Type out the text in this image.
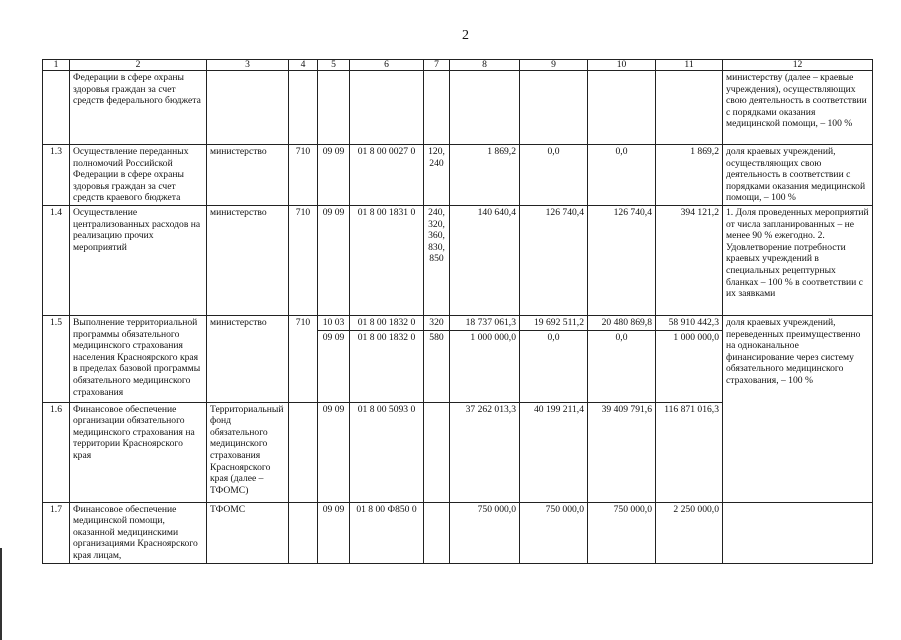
2
1	2	3	4	5	6	7	8	9	10	11	12
	Федерации в сфере охраны здоровья граждан за счет средств федерального бюджета										министерству (далее – краевые учреждения), осуществляющих свою деятельность в соответствии с порядками оказания медицинской помощи, – 100 %
1.3	Осуществление переданных полномочий Российской Федерации в сфере охраны здоровья граждан за счет средств краевого бюджета	министерство	710	09 09	01 8 00 0027 0	120, 240	1 869,2	0,0	0,0	1 869,2	доля краевых учреждений, осуществляющих свою деятельность в соответствии с порядками оказания медицинской помощи, – 100 %
1.4	Осуществление централизованных расходов на реализацию прочих мероприятий	министерство	710	09 09	01 8 00 1831 0	240, 320, 360, 830, 850	140 640,4	126 740,4	126 740,4	394 121,2	1. Доля проведенных мероприятий от числа запланированных – не менее 90 % ежегодно. 2. Удовлетворение потребности краевых учреждений в специальных рецептурных бланках – 100 % в соответствии с их заявками
1.5	Выполнение территориальной программы обязательного медицинского страхования населения Красноярского края в пределах базовой программы обязательного медицинского страхования	министерство	710	10 03	01 8 00 1832 0	320	18 737 061,3	19 692 511,2	20 480 869,8	58 910 442,3	доля краевых учреждений, переведенных преимущественно на одноканальное финансирование через систему обязательного медицинского страхования, – 100 %
				09 09	01 8 00 1832 0	580	1 000 000,0	0,0	0,0	1 000 000,0	
1.6	Финансовое обеспечение организации обязательного медицинского страхования на территории Красноярского края	Территориальный фонд обязательного медицинского страхования Красноярского края (далее – ТФОМС)		09 09	01 8 00 5093 0		37 262 013,3	40 199 211,4	39 409 791,6	116 871 016,3	
1.7	Финансовое обеспечение медицинской помощи, оказанной медицинскими организациями Красноярского края лицам,	ТФОМС		09 09	01 8 00 Ф850 0		750 000,0	750 000,0	750 000,0	2 250 000,0	
